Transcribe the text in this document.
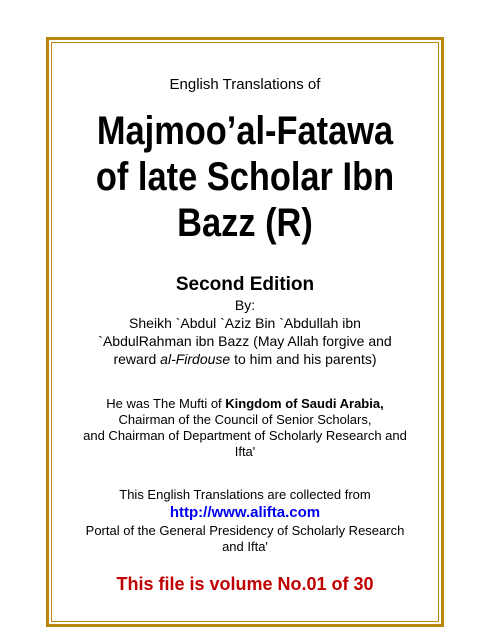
English Translations of
Majmoo’al-Fatawa
of late Scholar Ibn
Bazz (R)
Second Edition
By:
Sheikh `Abdul `Aziz Bin `Abdullah ibn
`AbdulRahman ibn Bazz (May Allah forgive and
reward al-Firdouse to him and his parents)
He was The Mufti of Kingdom of Saudi Arabia,
Chairman of the Council of Senior Scholars,
and Chairman of Department of Scholarly Research and
Ifta'
This English Translations are collected from
http://www.alifta.com
Portal of the General Presidency of Scholarly Research
and Ifta'
This file is volume No.01 of 30
